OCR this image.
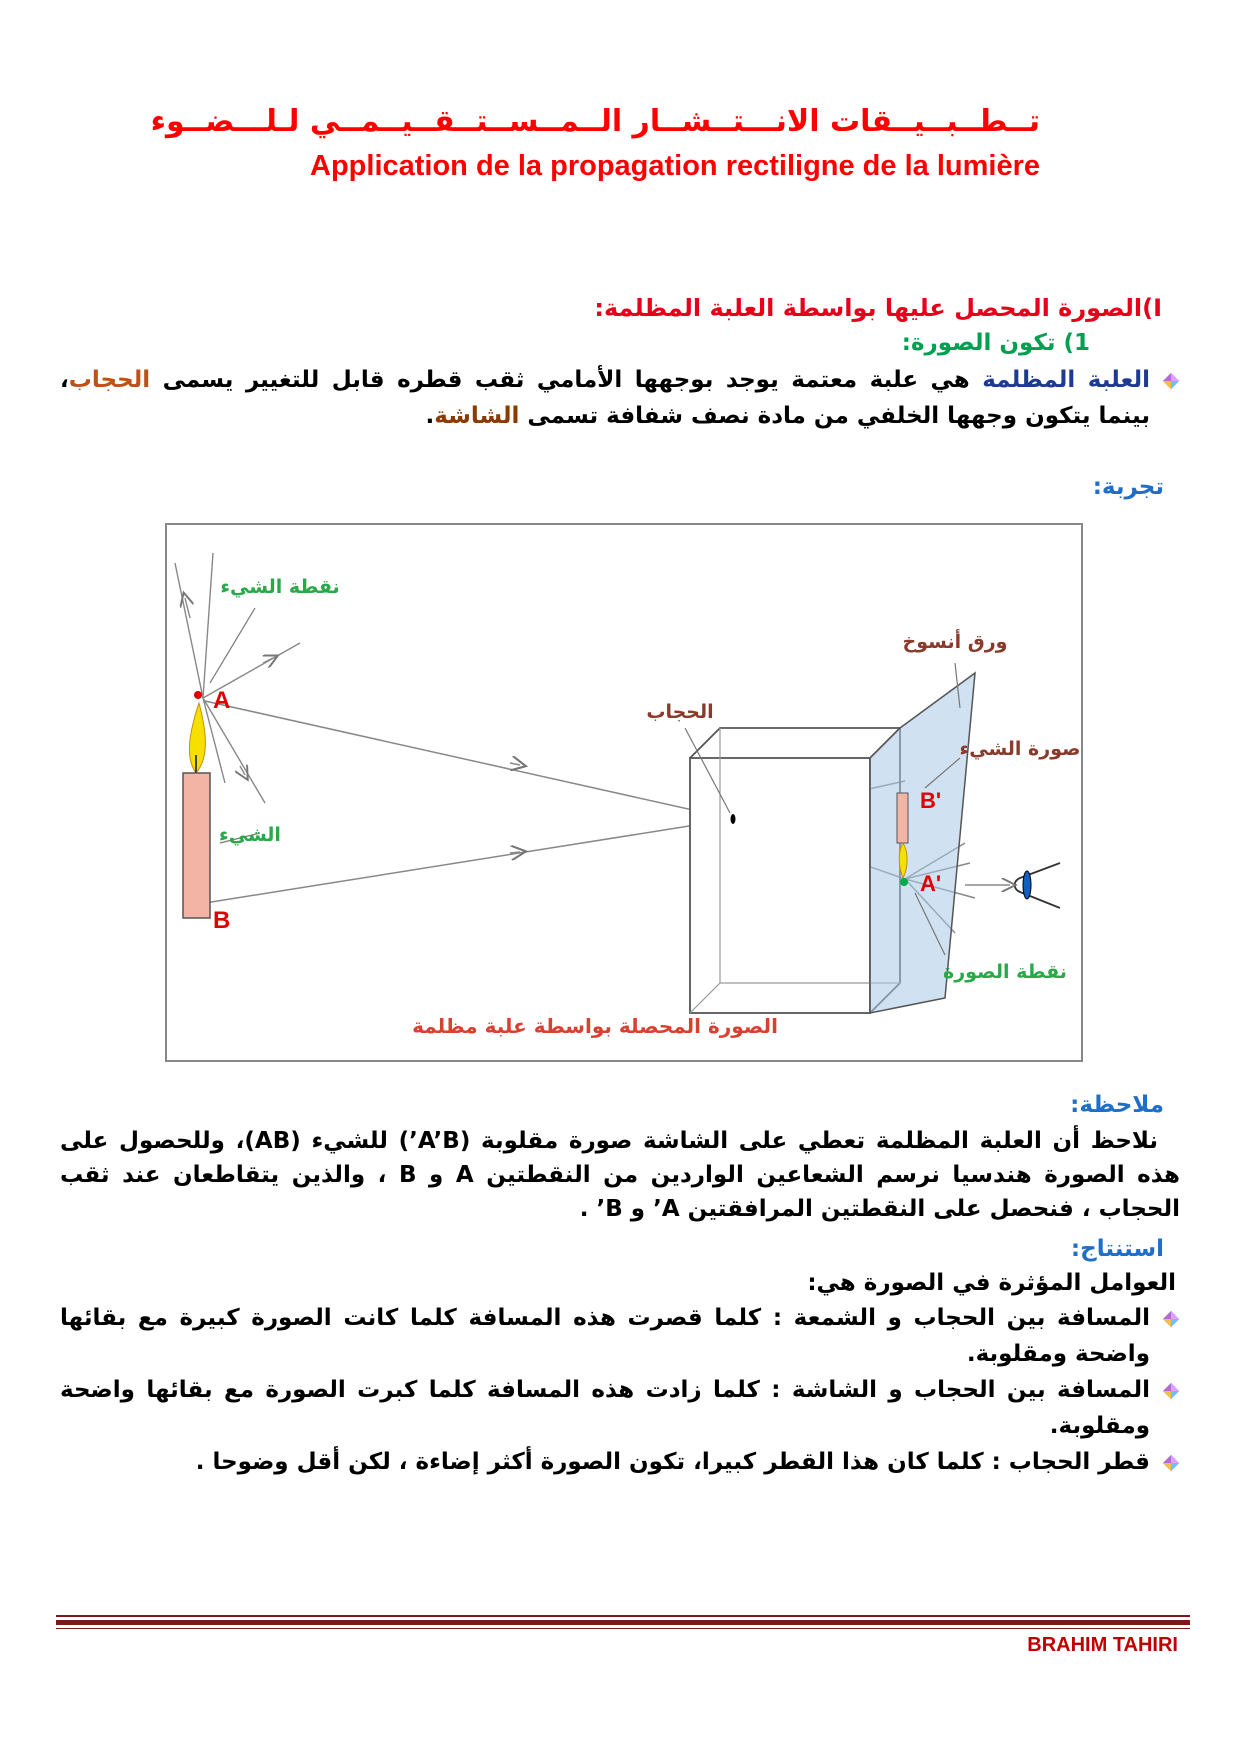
تــطــبــيــقات الانـــتــشــار الــمــســتــقــيــمــي لـلـــضــوء
Application de la propagation rectiligne de la lumière
I)الصورة المحصل عليها بواسطة العلبة المظلمة:
1) تكون الصورة:
العلبة المظلمة هي علبة معتمة يوجد بوجهها الأمامي ثقب قطره قابل للتغيير يسمى الحجاب، بينما يتكون وجهها الخلفي من مادة نصف شفافة تسمى الشاشة.
تجربة:
نقطة الشيء
ورق أنسوخ
الحجاب
صورة الشيء
الشيء
نقطة الصورة
الصورة المحصلة بواسطة علبة مظلمة
A
B
B'
A'
ملاحظة:
نلاحظ أن العلبة المظلمة تعطي على الشاشة صورة مقلوبة (A’B’) للشيء (AB)، وللحصول على هذه الصورة هندسيا نرسم الشعاعين الواردين من النقطتين A و B ، والذين يتقاطعان عند ثقب الحجاب ، فنحصل على النقطتين المرافقتين A’ و B’ .
استنتاج:
العوامل المؤثرة في الصورة هي:
المسافة بين الحجاب و الشمعة : كلما قصرت هذه المسافة كلما كانت الصورة كبيرة مع بقائها واضحة ومقلوبة.
المسافة بين الحجاب و الشاشة : كلما زادت هذه المسافة كلما كبرت الصورة مع بقائها واضحة ومقلوبة.
قطر الحجاب : كلما كان هذا القطر كبيرا، تكون الصورة أكثر إضاءة ، لكن أقل وضوحا .
BRAHIM TAHIRI
